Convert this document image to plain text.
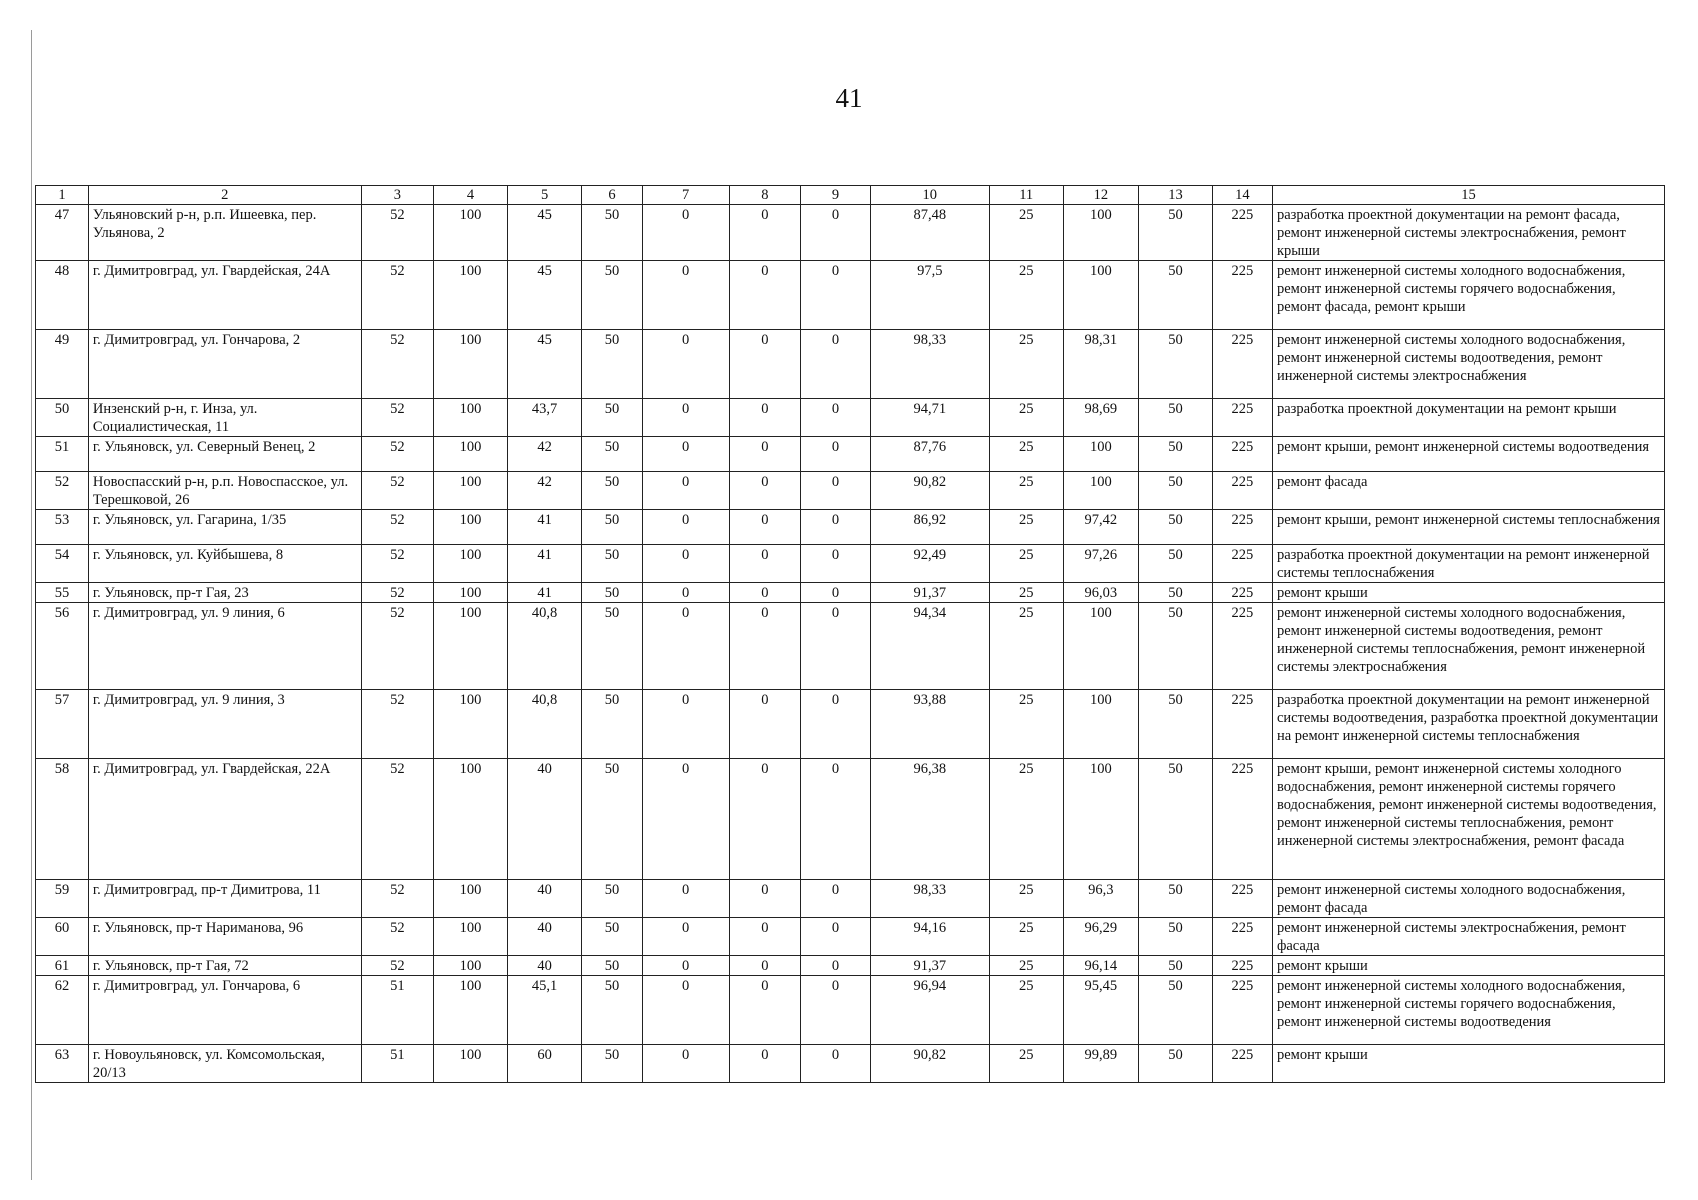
41
1	2	3	4	5	6	7	8	9	10	11	12	13	14	15
47	Ульяновский р-н, р.п. Ишеевка, пер. Ульянова, 2	52	100	45	50	0	0	0	87,48	25	100	50	225	разработка проектной документации на ремонт фасада, ремонт инженерной системы электроснабжения, ремонт крыши
48	г. Димитровград, ул. Гвардейская, 24А	52	100	45	50	0	0	0	97,5	25	100	50	225	ремонт инженерной системы холодного водоснабжения, ремонт инженерной системы горячего водоснабжения, ремонт фасада, ремонт крыши
49	г. Димитровград, ул. Гончарова, 2	52	100	45	50	0	0	0	98,33	25	98,31	50	225	ремонт инженерной системы холодного водоснабжения, ремонт инженерной системы водоотведения, ремонт инженерной системы электроснабжения
50	Инзенский р-н, г. Инза, ул. Социалистическая, 11	52	100	43,7	50	0	0	0	94,71	25	98,69	50	225	разработка проектной документации на ремонт крыши
51	г. Ульяновск, ул. Северный Венец, 2	52	100	42	50	0	0	0	87,76	25	100	50	225	ремонт крыши, ремонт инженерной системы водоотведения
52	Новоспасский р-н, р.п. Новоспасское, ул. Терешковой, 26	52	100	42	50	0	0	0	90,82	25	100	50	225	ремонт фасада
53	г. Ульяновск, ул. Гагарина, 1/35	52	100	41	50	0	0	0	86,92	25	97,42	50	225	ремонт крыши, ремонт инженерной системы теплоснабжения
54	г. Ульяновск, ул. Куйбышева, 8	52	100	41	50	0	0	0	92,49	25	97,26	50	225	разработка проектной документации на ремонт инженерной системы теплоснабжения
55	г. Ульяновск, пр-т Гая, 23	52	100	41	50	0	0	0	91,37	25	96,03	50	225	ремонт крыши
56	г. Димитровград, ул. 9 линия, 6	52	100	40,8	50	0	0	0	94,34	25	100	50	225	ремонт инженерной системы холодного водоснабжения, ремонт инженерной системы водоотведения, ремонт инженерной системы теплоснабжения, ремонт инженерной системы электроснабжения
57	г. Димитровград, ул. 9 линия, 3	52	100	40,8	50	0	0	0	93,88	25	100	50	225	разработка проектной документации на ремонт инженерной системы водоотведения, разработка проектной документации на ремонт инженерной системы теплоснабжения
58	г. Димитровград, ул. Гвардейская, 22А	52	100	40	50	0	0	0	96,38	25	100	50	225	ремонт крыши, ремонт инженерной системы холодного водоснабжения, ремонт инженерной системы горячего водоснабжения, ремонт инженерной системы водоотведения, ремонт инженерной системы теплоснабжения, ремонт инженерной системы электроснабжения, ремонт фасада
59	г. Димитровград, пр-т Димитрова, 11	52	100	40	50	0	0	0	98,33	25	96,3	50	225	ремонт инженерной системы холодного водоснабжения, ремонт фасада
60	г. Ульяновск, пр-т Нариманова, 96	52	100	40	50	0	0	0	94,16	25	96,29	50	225	ремонт инженерной системы электроснабжения, ремонт фасада
61	г. Ульяновск, пр-т Гая, 72	52	100	40	50	0	0	0	91,37	25	96,14	50	225	ремонт крыши
62	г. Димитровград, ул. Гончарова, 6	51	100	45,1	50	0	0	0	96,94	25	95,45	50	225	ремонт инженерной системы холодного водоснабжения, ремонт инженерной системы горячего водоснабжения, ремонт инженерной системы водоотведения
63	г. Новоульяновск, ул. Комсомольская, 20/13	51	100	60	50	0	0	0	90,82	25	99,89	50	225	ремонт крыши
